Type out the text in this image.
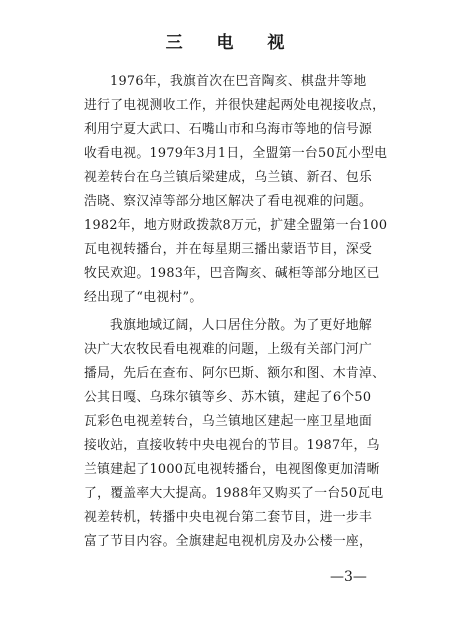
三 电 视
1976年，我旗首次在巴音陶亥、棋盘井等地
进行了电视测收工作，并很快建起两处电视接收点，
利用宁夏大武口、石嘴山市和乌海市等地的信号源
收看电视。1979年3月1日，全盟第一台50瓦小型电
视差转台在乌兰镇后梁建成，乌兰镇、新召、包乐
浩晓、察汉淖等部分地区解决了看电视难的问题。
1982年，地方财政拨款8万元，扩建全盟第一台100
瓦电视转播台，并在每星期三播出蒙语节目，深受
牧民欢迎。1983年，巴音陶亥、碱柜等部分地区已
经出现了“电视村”。
我旗地域辽阔，人口居住分散。为了更好地解
决广大农牧民看电视难的问题，上级有关部门河广
播局，先后在查布、阿尔巴斯、额尔和图、木肯淖、
公其日嘎、乌珠尔镇等乡、苏木镇，建起了6个50
瓦彩色电视差转台，乌兰镇地区建起一座卫星地面
接收站，直接收转中央电视台的节目。1987年，乌
兰镇建起了1000瓦电视转播台，电视图像更加清晰
了，覆盖率大大提高。1988年又购买了一台50瓦电
视差转机，转播中央电视台第二套节目，进一步丰
富了节目内容。全旗建起电视机房及办公楼一座，
—3—
